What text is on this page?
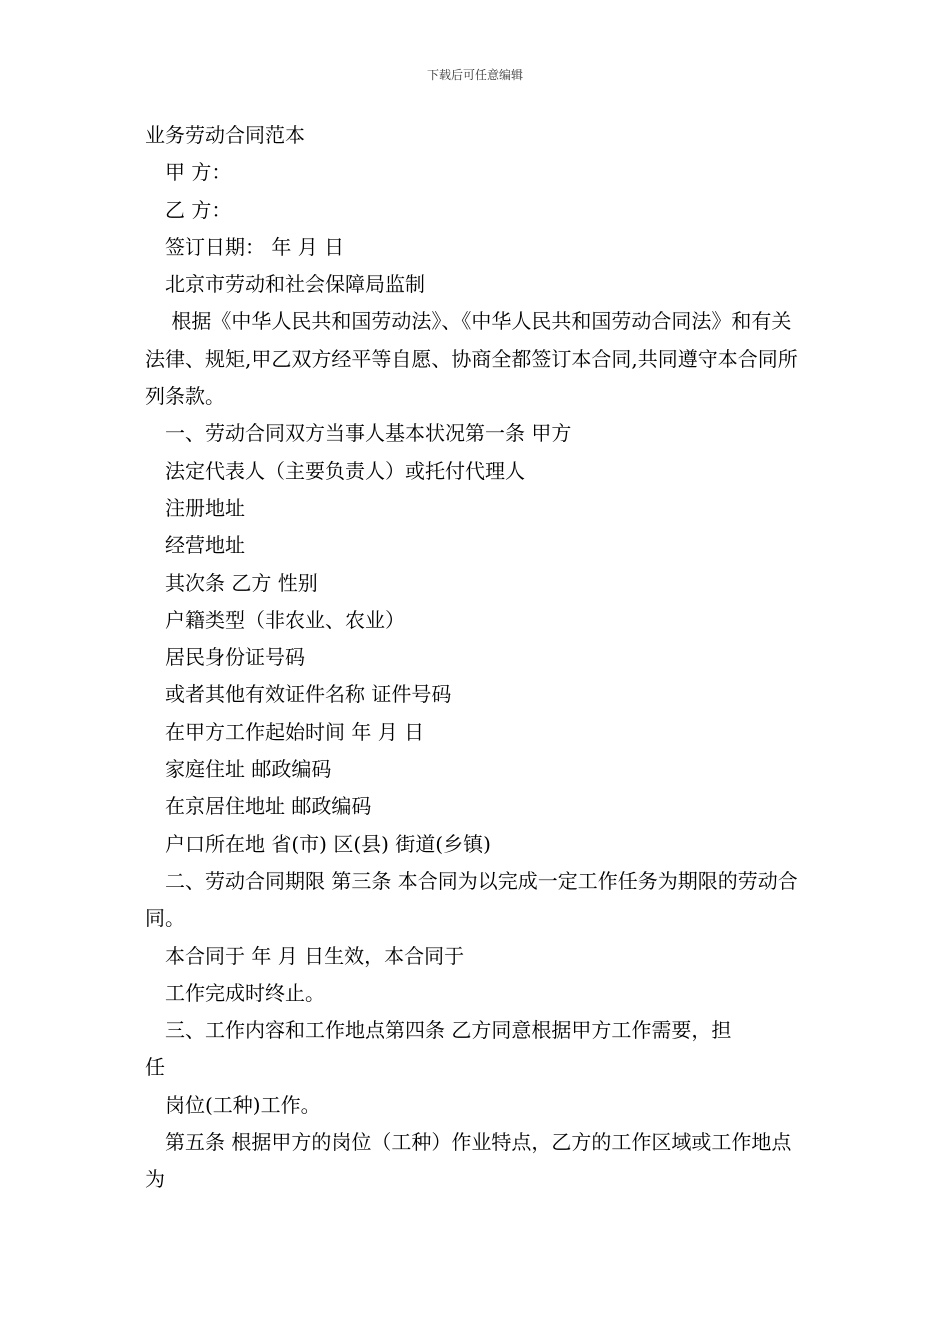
下载后可任意编辑

业务劳动合同范本

甲 方：

乙 方：

签订日期： 年 月 日

北京市劳动和社会保障局监制

根据《中华人民共和国劳动法》、《中华人民共和国劳动合同法》和有关法律、规矩,甲乙双方经平等自愿、协商全都签订本合同,共同遵守本合同所列条款。

一、劳动合同双方当事人基本状况第一条 甲方

法定代表人（主要负责人）或托付代理人

注册地址

经营地址

其次条 乙方 性别

户籍类型（非农业、农业）

居民身份证号码

或者其他有效证件名称 证件号码

在甲方工作起始时间 年 月 日

家庭住址 邮政编码

在京居住地址 邮政编码

户口所在地 省(市) 区(县) 街道(乡镇)

二、劳动合同期限 第三条 本合同为以完成一定工作任务为期限的劳动合同。

本合同于 年 月 日生效，本合同于

工作完成时终止。

三、工作内容和工作地点第四条 乙方同意根据甲方工作需要，担

任

岗位(工种)工作。

第五条 根据甲方的岗位（工种）作业特点，乙方的工作区域或工作地点为
